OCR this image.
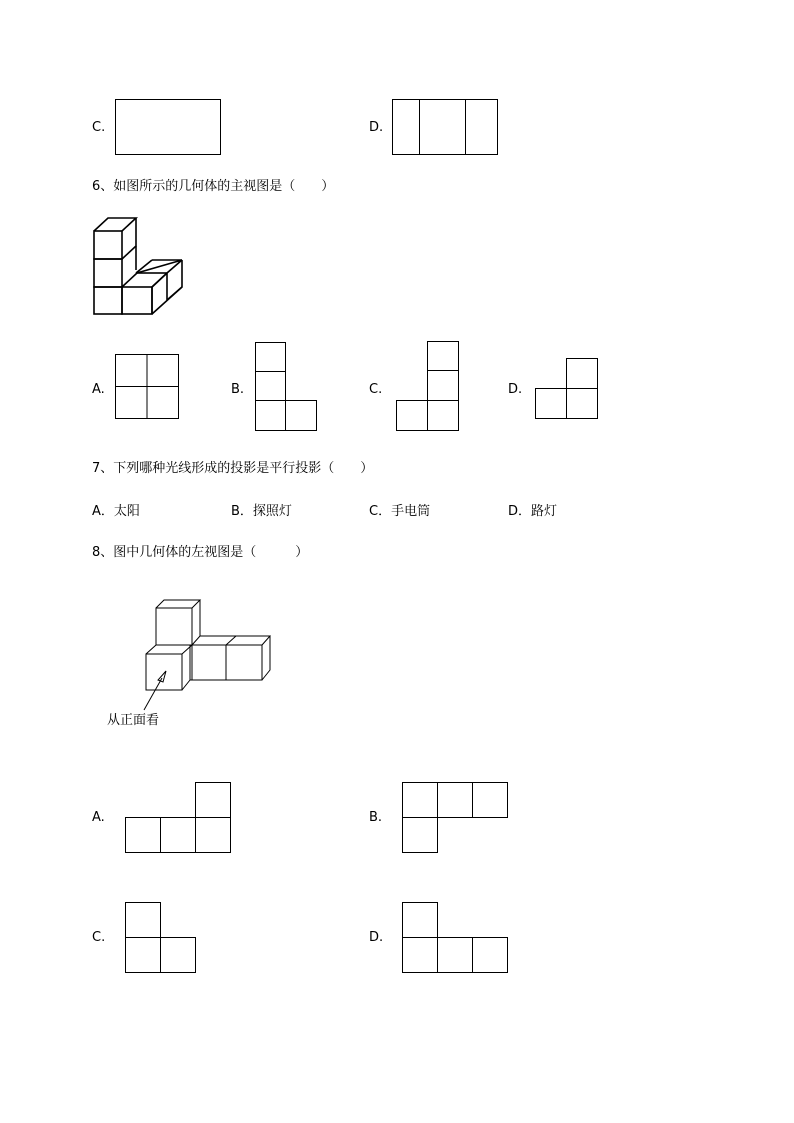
C.	D.
6、如图所示的几何体的主视图是（　　）
A.	B.	C.	D.
7、下列哪种光线形成的投影是平行投影（　　）
A．太阳	B．探照灯	C．手电筒	D．路灯
8、图中几何体的左视图是（　　　）
从正面看
A.	B.
C.	D.
